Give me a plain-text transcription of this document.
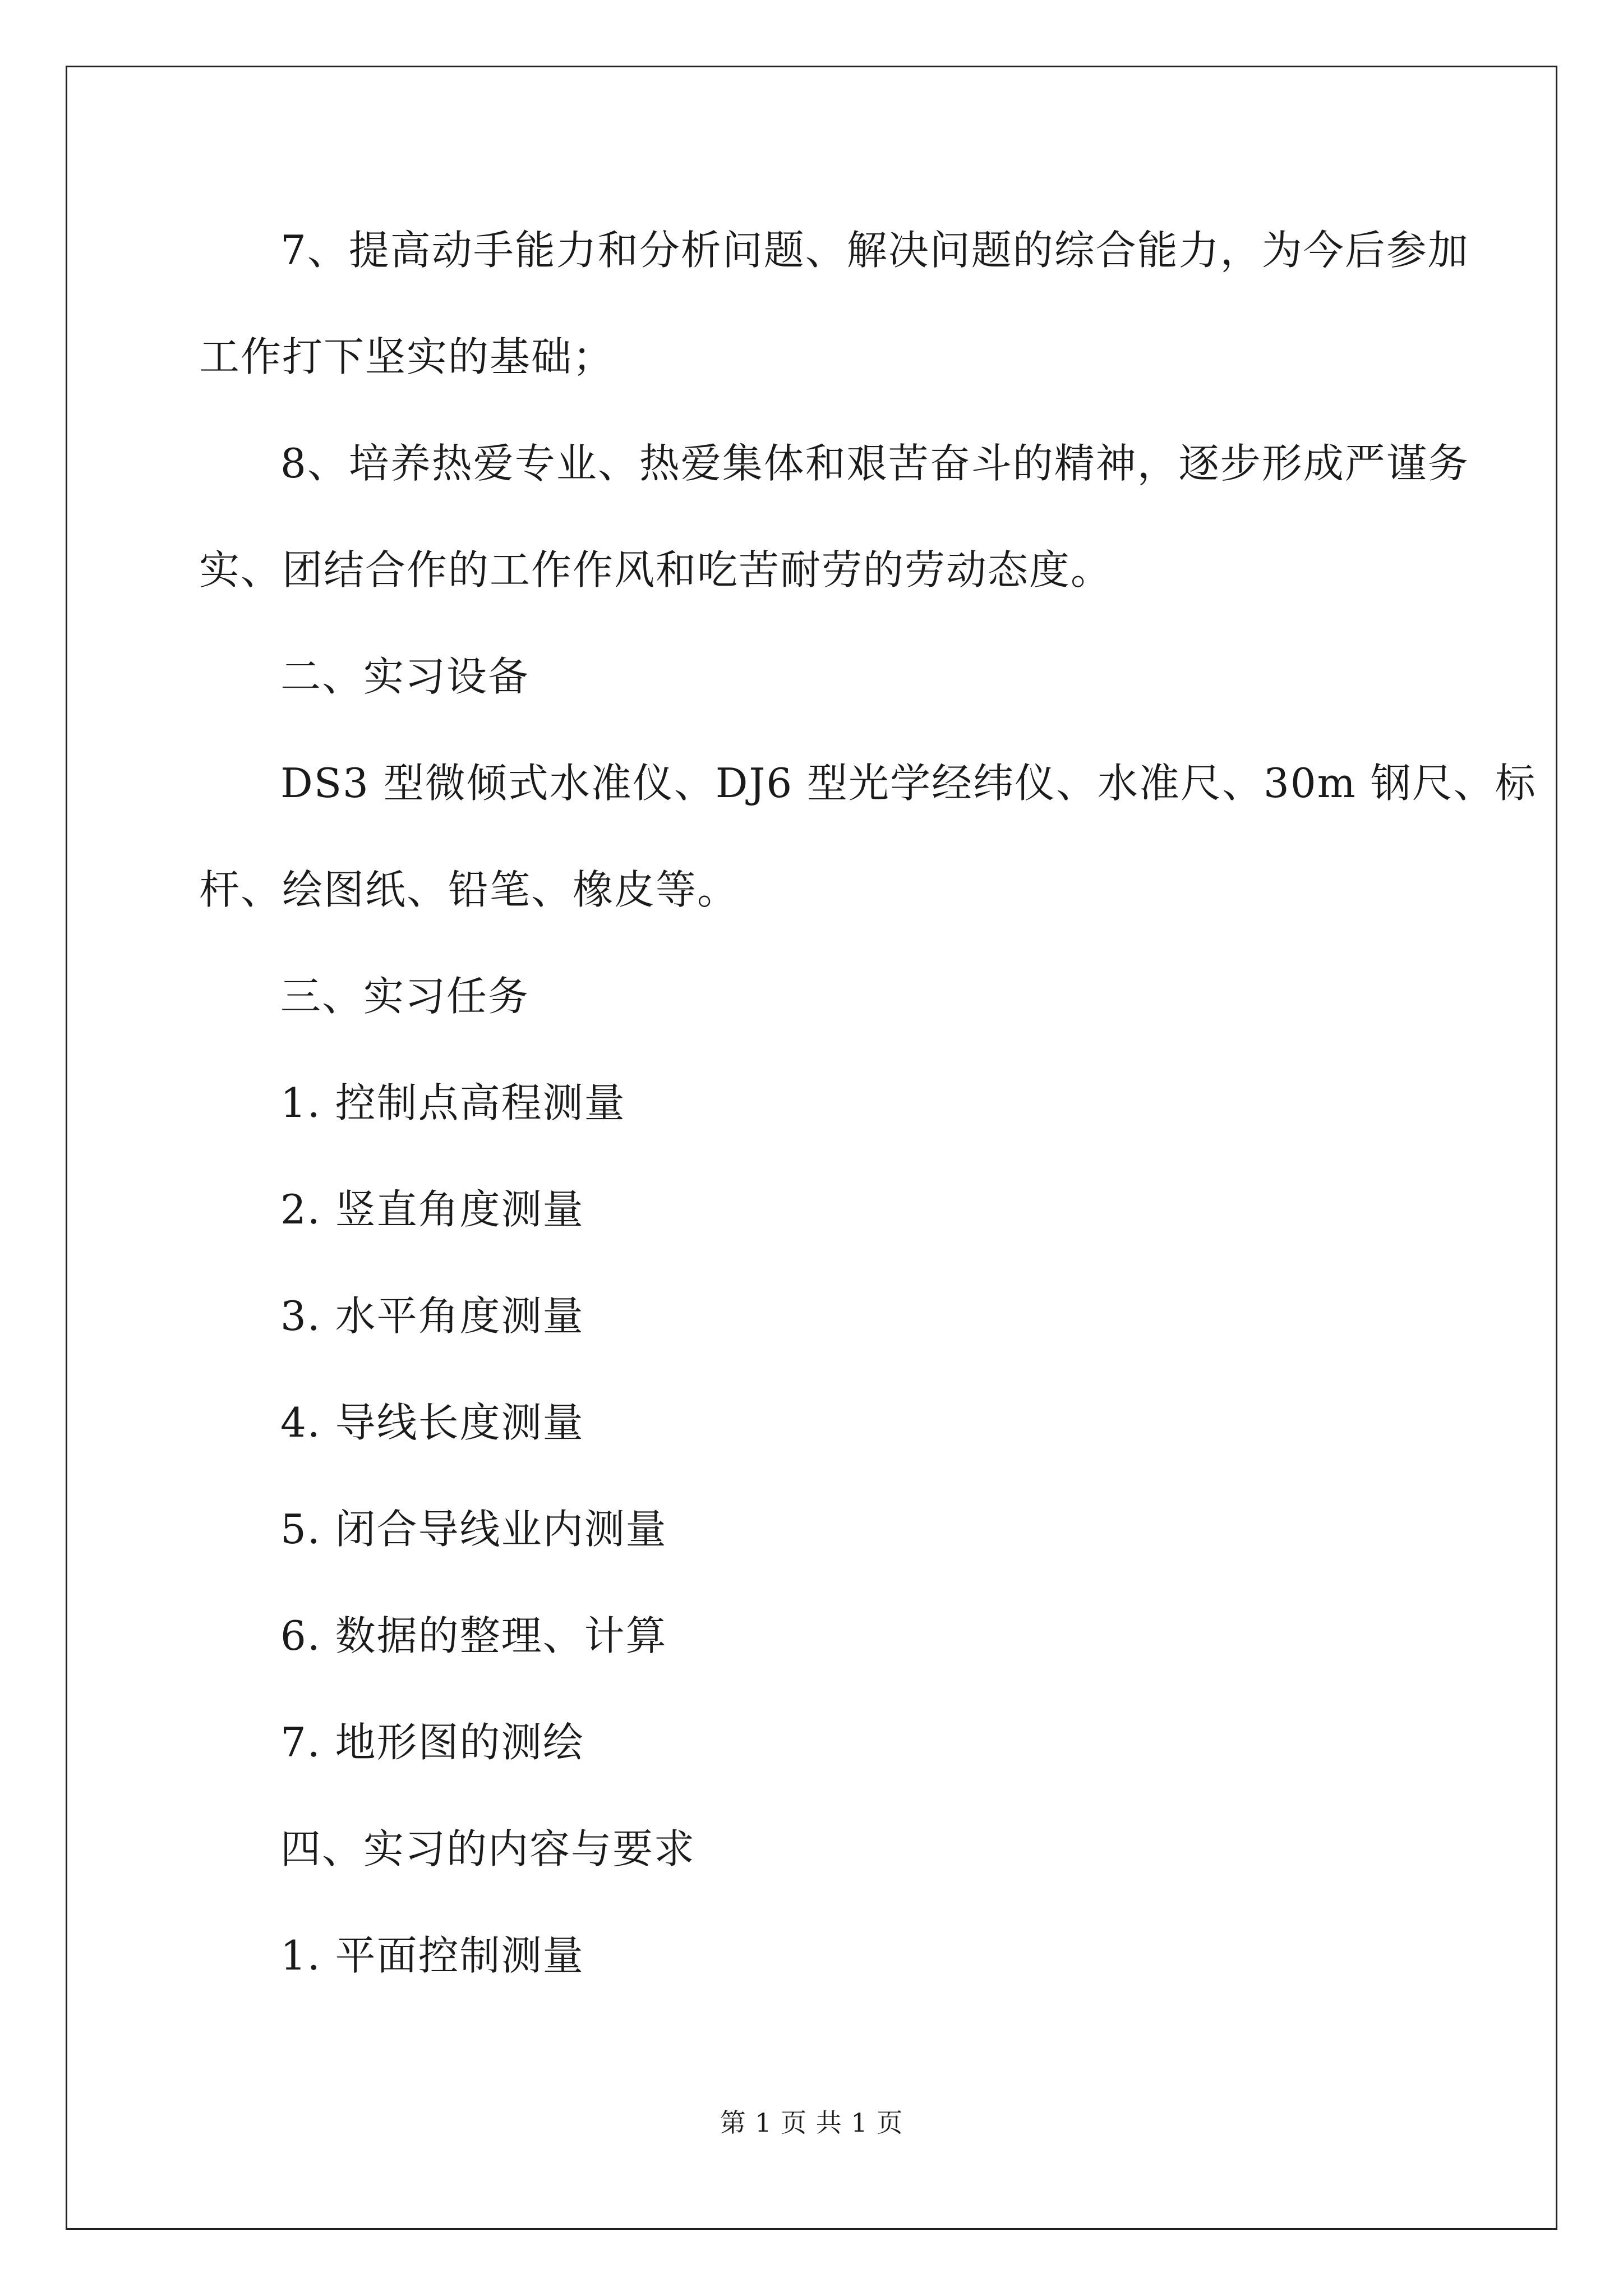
7、提高动手能力和分析问题、解决问题的综合能力，为今后参加

工作打下坚实的基础；

8、培养热爱专业、热爱集体和艰苦奋斗的精神，逐步形成严谨务

实、团结合作的工作作风和吃苦耐劳的劳动态度。

二、实习设备

DS3 型微倾式水准仪、DJ6 型光学经纬仪、水准尺、30m 钢尺、标

杆、绘图纸、铅笔、橡皮等。

三、实习任务

1. 控制点高程测量

2. 竖直角度测量

3. 水平角度测量

4. 导线长度测量

5. 闭合导线业内测量

6. 数据的整理、计算

7. 地形图的测绘

四、实习的内容与要求

1. 平面控制测量

第 1 页 共 1 页
